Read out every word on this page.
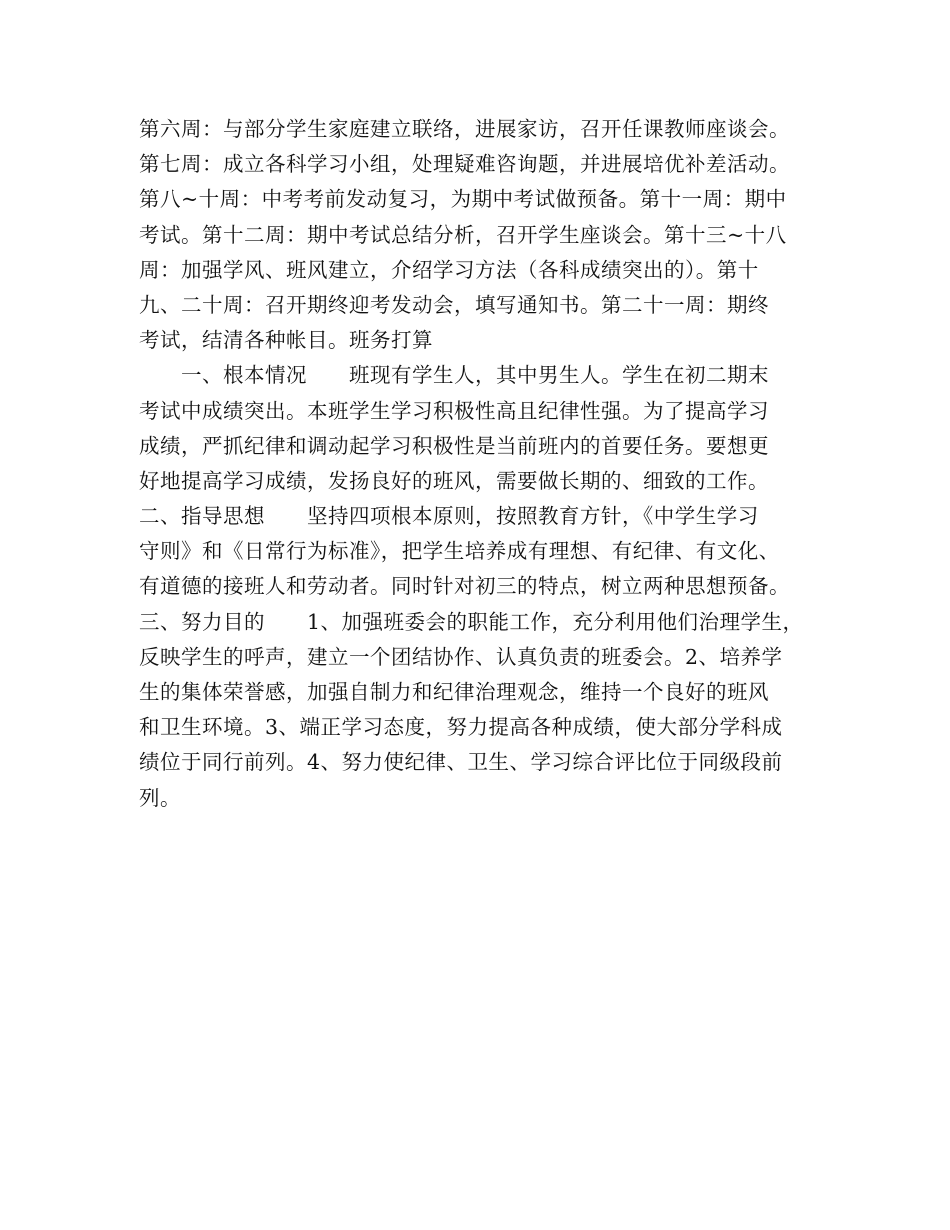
第六周：与部分学生家庭建立联络，进展家访，召开任课教师座谈会。
第七周：成立各科学习小组，处理疑难咨询题，并进展培优补差活动。
第八~十周：中考考前发动复习，为期中考试做预备。第十一周：期中
考试。第十二周：期中考试总结分析，召开学生座谈会。第十三~十八
周：加强学风、班风建立，介绍学习方法（各科成绩突出的）。第十
九、二十周：召开期终迎考发动会，填写通知书。第二十一周：期终
考试，结清各种帐目。班务打算
　　一、根本情况　　班现有学生人，其中男生人。学生在初二期末
考试中成绩突出。本班学生学习积极性高且纪律性强。为了提高学习
成绩，严抓纪律和调动起学习积极性是当前班内的首要任务。要想更
好地提高学习成绩，发扬良好的班风，需要做长期的、细致的工作。
二、指导思想　　坚持四项根本原则，按照教育方针，《中学生学习
守则》和《日常行为标准》，把学生培养成有理想、有纪律、有文化、
有道德的接班人和劳动者。同时针对初三的特点，树立两种思想预备。
三、努力目的　　1、加强班委会的职能工作，充分利用他们治理学生，
反映学生的呼声，建立一个团结协作、认真负责的班委会。2、培养学
生的集体荣誉感，加强自制力和纪律治理观念，维持一个良好的班风
和卫生环境。3、端正学习态度，努力提高各种成绩，使大部分学科成
绩位于同行前列。4、努力使纪律、卫生、学习综合评比位于同级段前
列。
